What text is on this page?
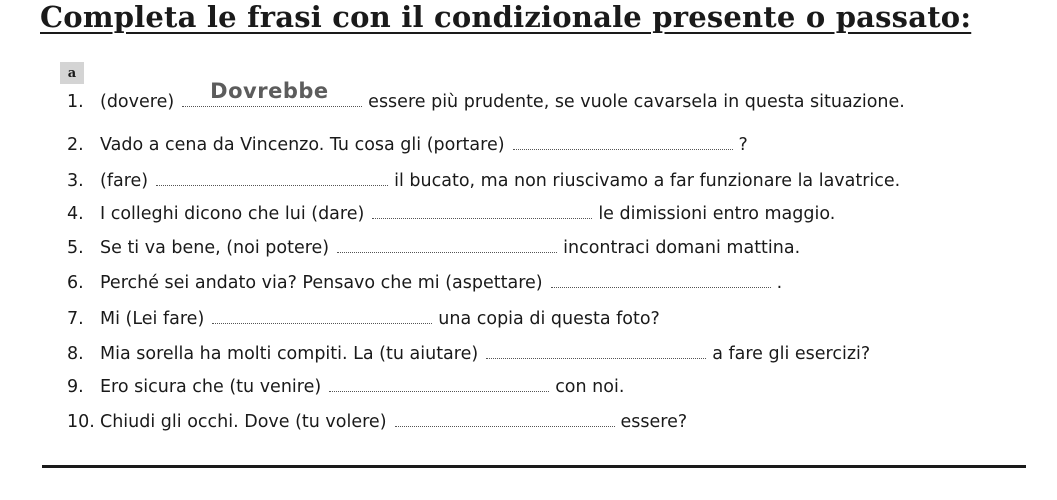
Completa le frasi con il condizionale presente o passato:
a
1. (dovere) Dovrebbe essere più prudente, se vuole cavarsela in questa situazione.
2. Vado a cena da Vincenzo. Tu cosa gli (portare)	?
3. (fare)	il bucato, ma non riuscivamo a far funzionare la lavatrice.
4. I colleghi dicono che lui (dare)	le dimissioni entro maggio.
5. Se ti va bene, (noi potere)	incontraci domani mattina.
6. Perché sei andato via? Pensavo che mi (aspettare)	.
7. Mi (Lei fare)	una copia di questa foto?
8. Mia sorella ha molti compiti. La (tu aiutare)	a fare gli esercizi?
9. Ero sicura che (tu venire)	con noi.
10. Chiudi gli occhi. Dove (tu volere)	essere?
